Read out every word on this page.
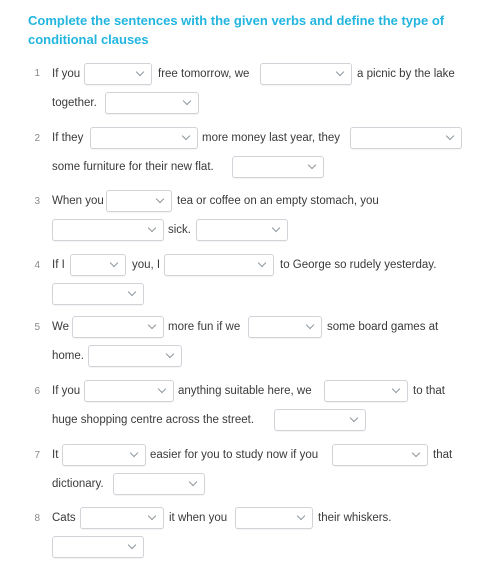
Complete the sentences with the given verbs and define the type of conditional clauses
1 If you	free tomorrow, we	a picnic by the lake
together.
2 If they	more money last year, they
some furniture for their new flat.
3 When you	tea or coffee on an empty stomach, you
sick.
4 If I	you, I	to George so rudely yesterday.
5 We	more fun if we	some board games at
home.
6 If you	anything suitable here, we	to that
huge shopping centre across the street.
7 It	easier for you to study now if you	that
dictionary.
8 Cats	it when you	their whiskers.
